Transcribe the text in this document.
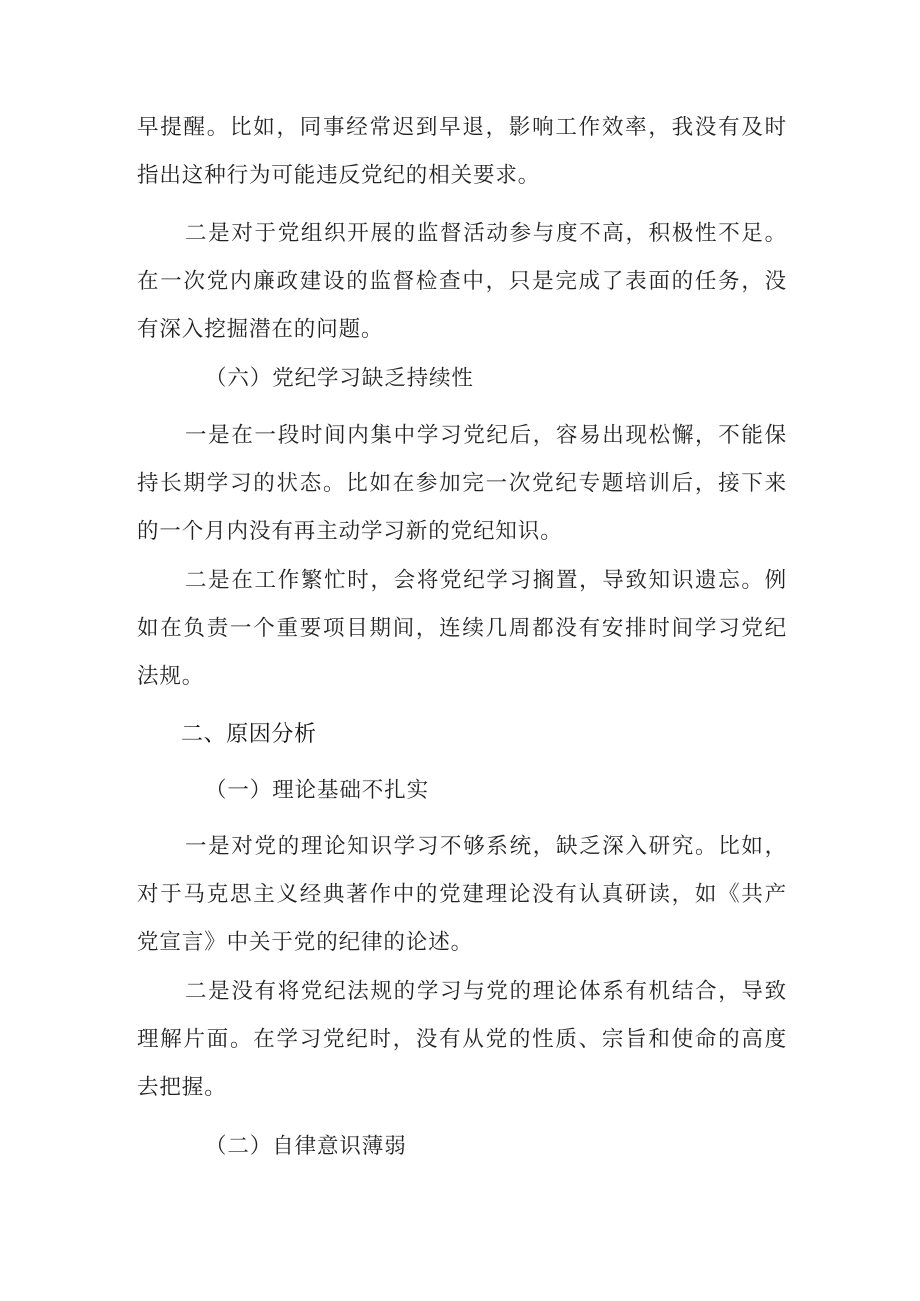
早提醒。比如，同事经常迟到早退，影响工作效率，我没有及时
指出这种行为可能违反党纪的相关要求。
二是对于党组织开展的监督活动参与度不高，积极性不足。
在一次党内廉政建设的监督检查中，只是完成了表面的任务，没
有深入挖掘潜在的问题。
（六）党纪学习缺乏持续性
一是在一段时间内集中学习党纪后，容易出现松懈，不能保
持长期学习的状态。比如在参加完一次党纪专题培训后，接下来
的一个月内没有再主动学习新的党纪知识。
二是在工作繁忙时，会将党纪学习搁置，导致知识遗忘。例
如在负责一个重要项目期间，连续几周都没有安排时间学习党纪
法规。
二、原因分析
（一）理论基础不扎实
一是对党的理论知识学习不够系统，缺乏深入研究。比如，
对于马克思主义经典著作中的党建理论没有认真研读，如《共产
党宣言》中关于党的纪律的论述。
二是没有将党纪法规的学习与党的理论体系有机结合，导致
理解片面。在学习党纪时，没有从党的性质、宗旨和使命的高度
去把握。
（二）自律意识薄弱
